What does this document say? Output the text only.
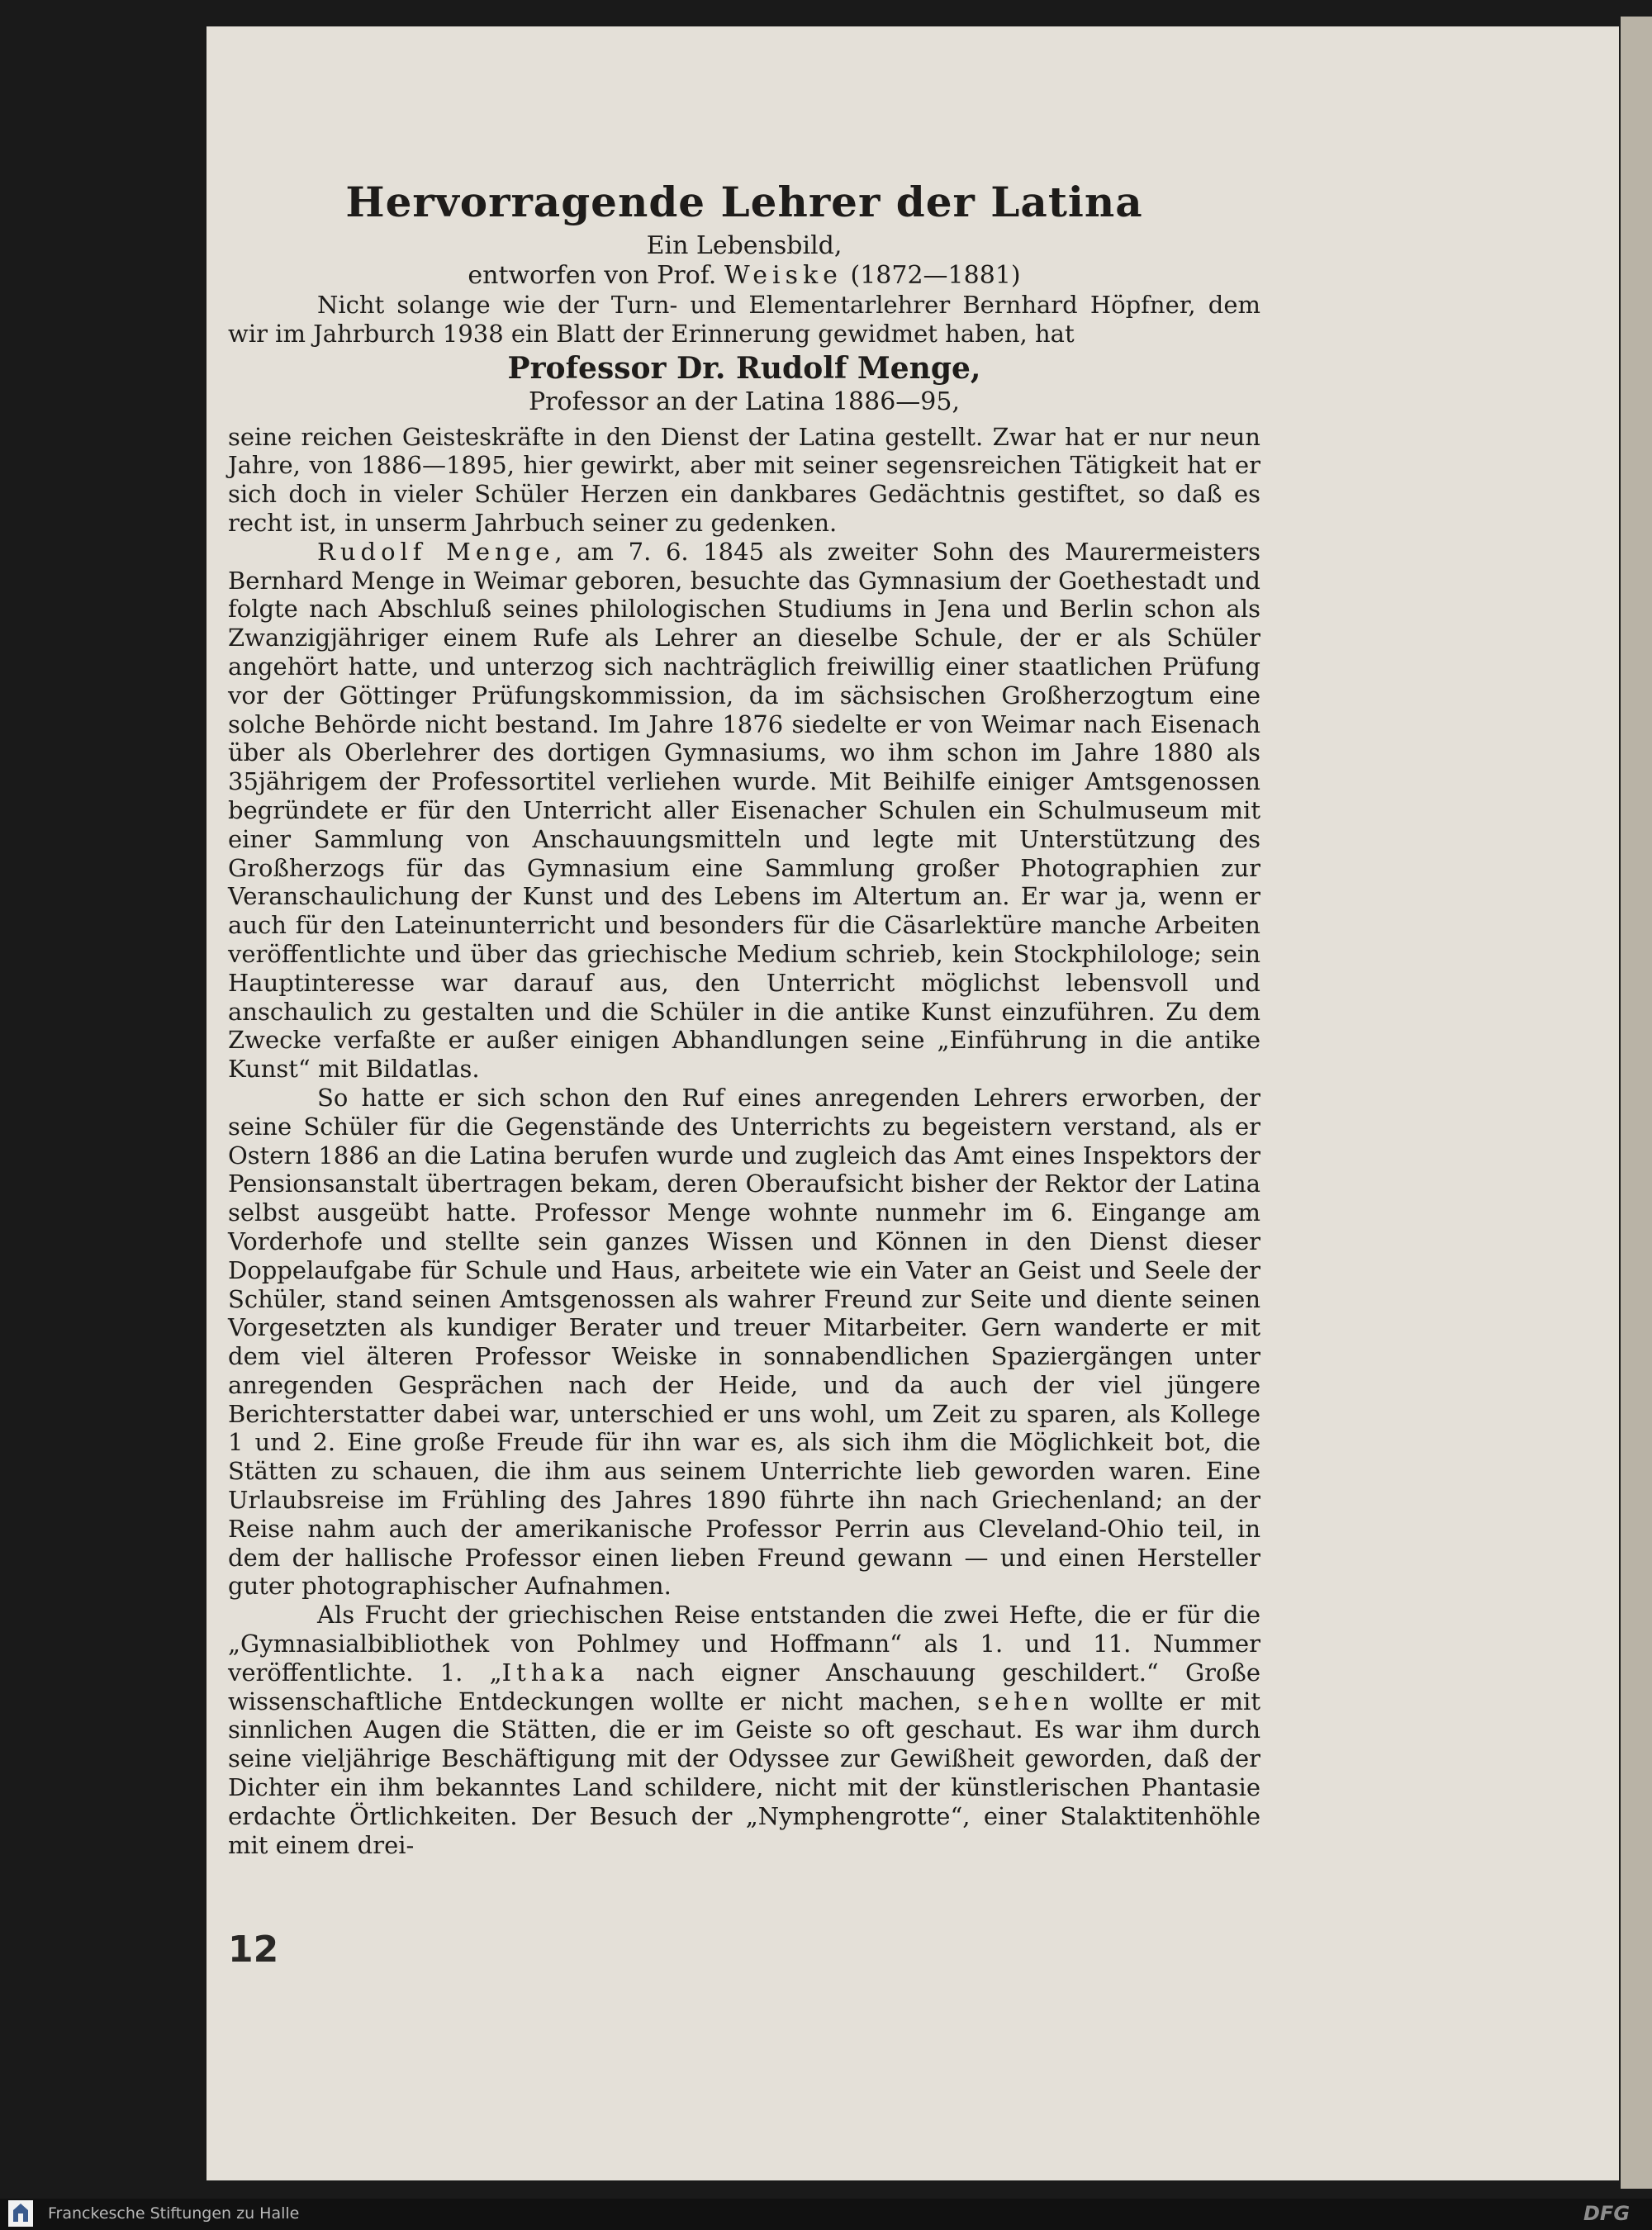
Hervorragende Lehrer der Latina

Ein Lebensbild,

entworfen von Prof. Weiske (1872—1881)

Nicht solange wie der Turn- und Elementarlehrer Bernhard Höpfner, dem wir im Jahrburch 1938 ein Blatt der Erinnerung gewidmet haben, hat

Professor Dr. Rudolf Menge,

Professor an der Latina 1886—95,

seine reichen Geisteskräfte in den Dienst der Latina gestellt. Zwar hat er nur neun Jahre, von 1886—1895, hier gewirkt, aber mit seiner segensreichen Tätigkeit hat er sich doch in vieler Schüler Herzen ein dankbares Gedächtnis gestiftet, so daß es recht ist, in unserm Jahrbuch seiner zu gedenken.

Rudolf Menge, am 7. 6. 1845 als zweiter Sohn des Maurermeisters Bernhard Menge in Weimar geboren, besuchte das Gymnasium der Goethestadt und folgte nach Abschluß seines philologischen Studiums in Jena und Berlin schon als Zwanzigjähriger einem Rufe als Lehrer an dieselbe Schule, der er als Schüler angehört hatte, und unterzog sich nachträglich freiwillig einer staatlichen Prüfung vor der Göttinger Prüfungskommission, da im sächsischen Großherzogtum eine solche Behörde nicht bestand. Im Jahre 1876 siedelte er von Weimar nach Eisenach über als Oberlehrer des dortigen Gymnasiums, wo ihm schon im Jahre 1880 als 35jährigem der Professortitel verliehen wurde. Mit Beihilfe einiger Amtsgenossen begründete er für den Unterricht aller Eisenacher Schulen ein Schulmuseum mit einer Sammlung von Anschauungsmitteln und legte mit Unterstützung des Großherzogs für das Gymnasium eine Sammlung großer Photographien zur Veranschaulichung der Kunst und des Lebens im Altertum an. Er war ja, wenn er auch für den Lateinunterricht und besonders für die Cäsarlektüre manche Arbeiten veröffentlichte und über das griechische Medium schrieb, kein Stockphilologe; sein Hauptinteresse war darauf aus, den Unterricht möglichst lebensvoll und anschaulich zu gestalten und die Schüler in die antike Kunst einzuführen. Zu dem Zwecke verfaßte er außer einigen Abhandlungen seine „Einführung in die antike Kunst“ mit Bildatlas.

So hatte er sich schon den Ruf eines anregenden Lehrers erworben, der seine Schüler für die Gegenstände des Unterrichts zu begeistern verstand, als er Ostern 1886 an die Latina berufen wurde und zugleich das Amt eines Inspektors der Pensionsanstalt übertragen bekam, deren Oberaufsicht bisher der Rektor der Latina selbst ausgeübt hatte. Professor Menge wohnte nunmehr im 6. Eingange am Vorderhofe und stellte sein ganzes Wissen und Können in den Dienst dieser Doppelaufgabe für Schule und Haus, arbeitete wie ein Vater an Geist und Seele der Schüler, stand seinen Amtsgenossen als wahrer Freund zur Seite und diente seinen Vorgesetzten als kundiger Berater und treuer Mitarbeiter. Gern wanderte er mit dem viel älteren Professor Weiske in sonnabendlichen Spaziergängen unter anregenden Gesprächen nach der Heide, und da auch der viel jüngere Berichterstatter dabei war, unterschied er uns wohl, um Zeit zu sparen, als Kollege 1 und 2. Eine große Freude für ihn war es, als sich ihm die Möglichkeit bot, die Stätten zu schauen, die ihm aus seinem Unterrichte lieb geworden waren. Eine Urlaubsreise im Frühling des Jahres 1890 führte ihn nach Griechenland; an der Reise nahm auch der amerikanische Professor Perrin aus Cleveland-Ohio teil, in dem der hallische Professor einen lieben Freund gewann — und einen Hersteller guter photographischer Aufnahmen.

Als Frucht der griechischen Reise entstanden die zwei Hefte, die er für die „Gymnasialbibliothek von Pohlmey und Hoffmann“ als 1. und 11. Nummer veröffentlichte. 1. „Ithaka nach eigner Anschauung geschildert.“ Große wissenschaftliche Entdeckungen wollte er nicht machen, sehen wollte er mit sinnlichen Augen die Stätten, die er im Geiste so oft geschaut. Es war ihm durch seine vieljährige Beschäftigung mit der Odyssee zur Gewißheit geworden, daß der Dichter ein ihm bekanntes Land schildere, nicht mit der künstlerischen Phantasie erdachte Örtlichkeiten. Der Besuch der „Nymphengrotte“, einer Stalaktitenhöhle mit einem drei-

12
Franckesche Stiftungen zu Halle	DFG
